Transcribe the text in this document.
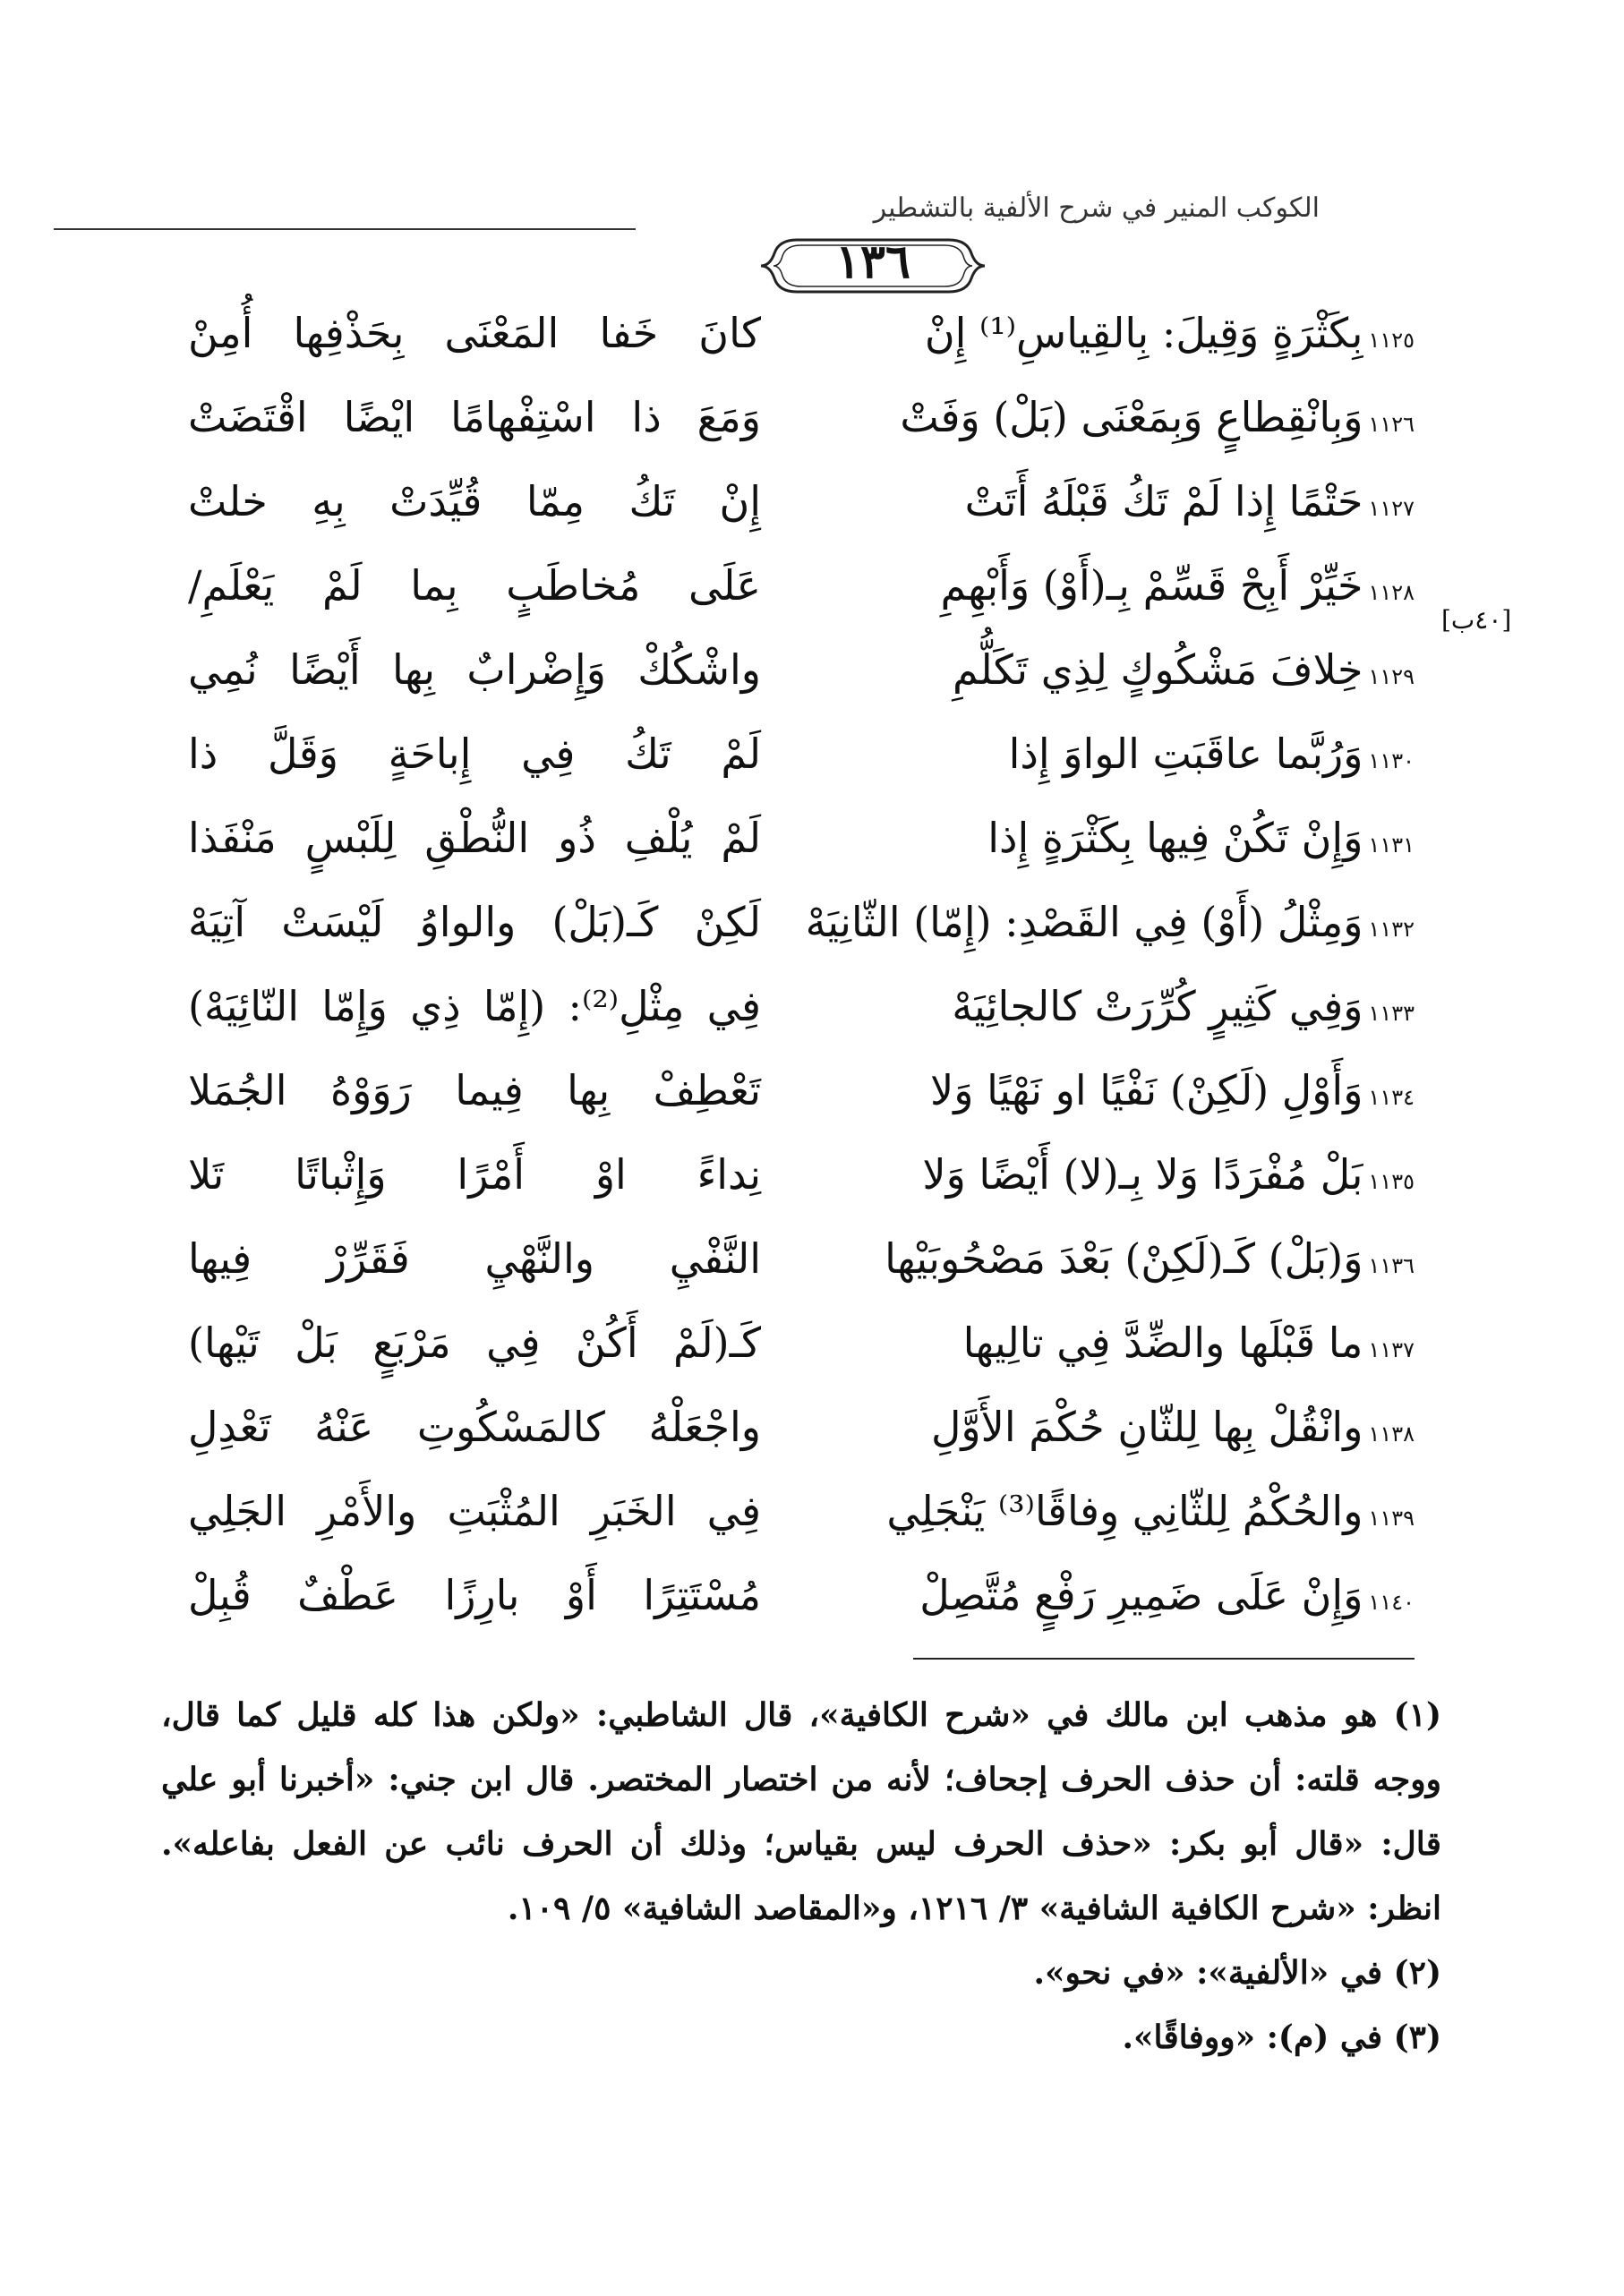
الكوكب المنير في شرح الألفية بالتشطير
١٣٦
[٤٠ب]
١١٢٥بِكَثْرَةٍ وَقِيلَ: بِالقِياسِ⁽¹⁾ إِنْ
كانَ خَفا المَعْنَى بِحَذْفِها أُمِنْ
١١٢٦وَبِانْقِطاعٍ وَبِمَعْنَى (بَلْ) وَفَتْ
وَمَعَ ذا اسْتِفْهامًا ايْضًا اقْتَضَتْ
١١٢٧حَتْمًا إِذا لَمْ تَكُ قَبْلَهُ أَتَتْ
إِنْ تَكُ مِمّا قُيِّدَتْ بِهِ خلتْ
١١٢٨خَيِّرْ أَبِحْ قَسِّمْ بِـ(أَوْ) وَأَبْهِمِ
عَلَى مُخاطَبٍ بِما لَمْ يَعْلَمِ/
١١٢٩خِلافَ مَشْكُوكٍ لِذِي تَكَلُّمِ
واشْكُكْ وَإِضْرابٌ بِها أَيْضًا نُمِي
١١٣٠وَرُبَّما عاقَبَتِ الواوَ إِذا
لَمْ تَكُ فِي إِباحَةٍ وَقَلَّ ذا
١١٣١وَإِنْ تَكُنْ فِيها بِكَثْرَةٍ إِذا
لَمْ يُلْفِ ذُو النُّطْقِ لِلَبْسٍ مَنْفَذا
١١٣٢وَمِثْلُ (أَوْ) فِي القَصْدِ: (إِمّا) الثّانِيَهْ
لَكِنْ كَـ(بَلْ) والواوُ لَيْسَتْ آتِيَهْ
١١٣٣وَفِي كَثِيرٍ كُرِّرَتْ كالجائِيَهْ
فِي مِثْلِ⁽²⁾: (إِمّا ذِي وَإِمّا النّائِيَهْ)
١١٣٤وَأَوْلِ (لَكِنْ) نَفْيًا او نَهْيًا وَلا
تَعْطِفْ بِها فِيما رَوَوْهُ الجُمَلا
١١٣٥بَلْ مُفْرَدًا وَلا بِـ(لا) أَيْضًا وَلا
نِداءً اوْ أَمْرًا وَإِثْباتًا تَلا
١١٣٦وَ(بَلْ) كَـ(لَكِنْ) بَعْدَ مَصْحُوبَيْها
النَّفْيِ والنَّهْيِ فَقَرِّرْ فِيها
١١٣٧ما قَبْلَها والضِّدَّ فِي تالِيها
كَـ(لَمْ أَكُنْ فِي مَرْبَعٍ بَلْ تَيْها)
١١٣٨وانْقُلْ بِها لِلثّانِ حُكْمَ الأَوَّلِ
واجْعَلْهُ كالمَسْكُوتِ عَنْهُ تَعْدِلِ

(١) هو مذهب ابن مالك في «شرح الكافية»، قال الشاطبي: «ولكن هذا كله قليل كما قال، ووجه قلته: أن حذف الحرف إجحاف؛ لأنه من اختصار المختصر. قال ابن جني: «أخبرنا أبو علي قال: «قال أبو بكر: «حذف الحرف ليس بقياس؛ وذلك أن الحرف نائب عن الفعل بفاعله». انظر: «شرح الكافية الشافية» ٣/ ١٢١٦، و«المقاصد الشافية» ٥/ ١٠٩.

(٢) في «الألفية»: «في نحو».

(٣) في (م): «ووفاقًا».

١١٣٩والحُكْمُ لِلثّانِي وِفاقًا⁽³⁾ يَنْجَلِي
فِي الخَبَرِ المُثْبَتِ والأَمْرِ الجَلِي
١١٤٠وَإِنْ عَلَى ضَمِيرِ رَفْعٍ مُتَّصِلْ
مُسْتَتِرًا أَوْ بارِزًا عَطْفٌ قُبِلْ
